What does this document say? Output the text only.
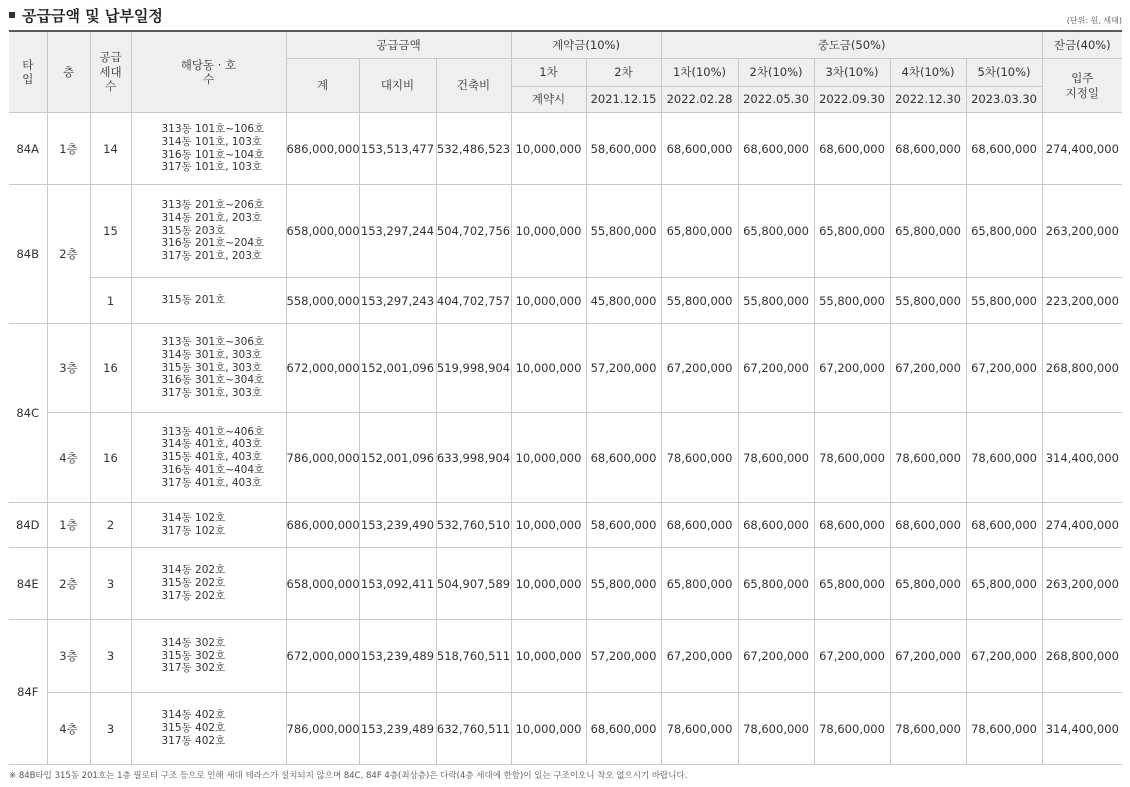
공급금액 및 납부일정	(단위: 원, 세대)
타입	층	공급세대수	해당동 · 호수	공급금액			계약금(10%)		중도금(50%)					잔금(40%)
				계	대지비	건축비	1차	2차	1차(10%)	2차(10%)	3차(10%)	4차(10%)	5차(10%)	입주 지정일
							계약시	2021.12.15	2022.02.28	2022.05.30	2022.09.30	2022.12.30	2023.03.30	
84A	1층	14	313동 101호~106호
314동 101호, 103호
316동 101호~104호
317동 101호, 103호	686,000,000	153,513,477	532,486,523	10,000,000	58,600,000	68,600,000	68,600,000	68,600,000	68,600,000	68,600,000	274,400,000
84B	2층	15	313동 201호~206호
314동 201호, 203호
315동 203호
316동 201호~204호
317동 201호, 203호	658,000,000	153,297,244	504,702,756	10,000,000	55,800,000	65,800,000	65,800,000	65,800,000	65,800,000	65,800,000	263,200,000
		1	315동 201호	558,000,000	153,297,243	404,702,757	10,000,000	45,800,000	55,800,000	55,800,000	55,800,000	55,800,000	55,800,000	223,200,000
84C	3층	16	313동 301호~306호
314동 301호, 303호
315동 301호, 303호
316동 301호~304호
317동 301호, 303호	672,000,000	152,001,096	519,998,904	10,000,000	57,200,000	67,200,000	67,200,000	67,200,000	67,200,000	67,200,000	268,800,000
	4층	16	313동 401호~406호
314동 401호, 403호
315동 401호, 403호
316동 401호~404호
317동 401호, 403호	786,000,000	152,001,096	633,998,904	10,000,000	68,600,000	78,600,000	78,600,000	78,600,000	78,600,000	78,600,000	314,400,000
84D	1층	2	314동 102호
317동 102호	686,000,000	153,239,490	532,760,510	10,000,000	58,600,000	68,600,000	68,600,000	68,600,000	68,600,000	68,600,000	274,400,000
84E	2층	3	314동 202호
315동 202호
317동 202호	658,000,000	153,092,411	504,907,589	10,000,000	55,800,000	65,800,000	65,800,000	65,800,000	65,800,000	65,800,000	263,200,000
84F	3층	3	314동 302호
315동 302호
317동 302호	672,000,000	153,239,489	518,760,511	10,000,000	57,200,000	67,200,000	67,200,000	67,200,000	67,200,000	67,200,000	268,800,000
	4층	3	314동 402호
315동 402호
317동 402호	786,000,000	153,239,489	632,760,511	10,000,000	68,600,000	78,600,000	78,600,000	78,600,000	78,600,000	78,600,000	314,400,000
※ 84B타입 315동 201호는 1층 필로티 구조 등으로 인해 세대 테라스가 설치되지 않으며 84C, 84F 4층(최상층)은 다락(4층 세대에 한함)이 있는 구조이오니 착오 없으시기 바랍니다.
